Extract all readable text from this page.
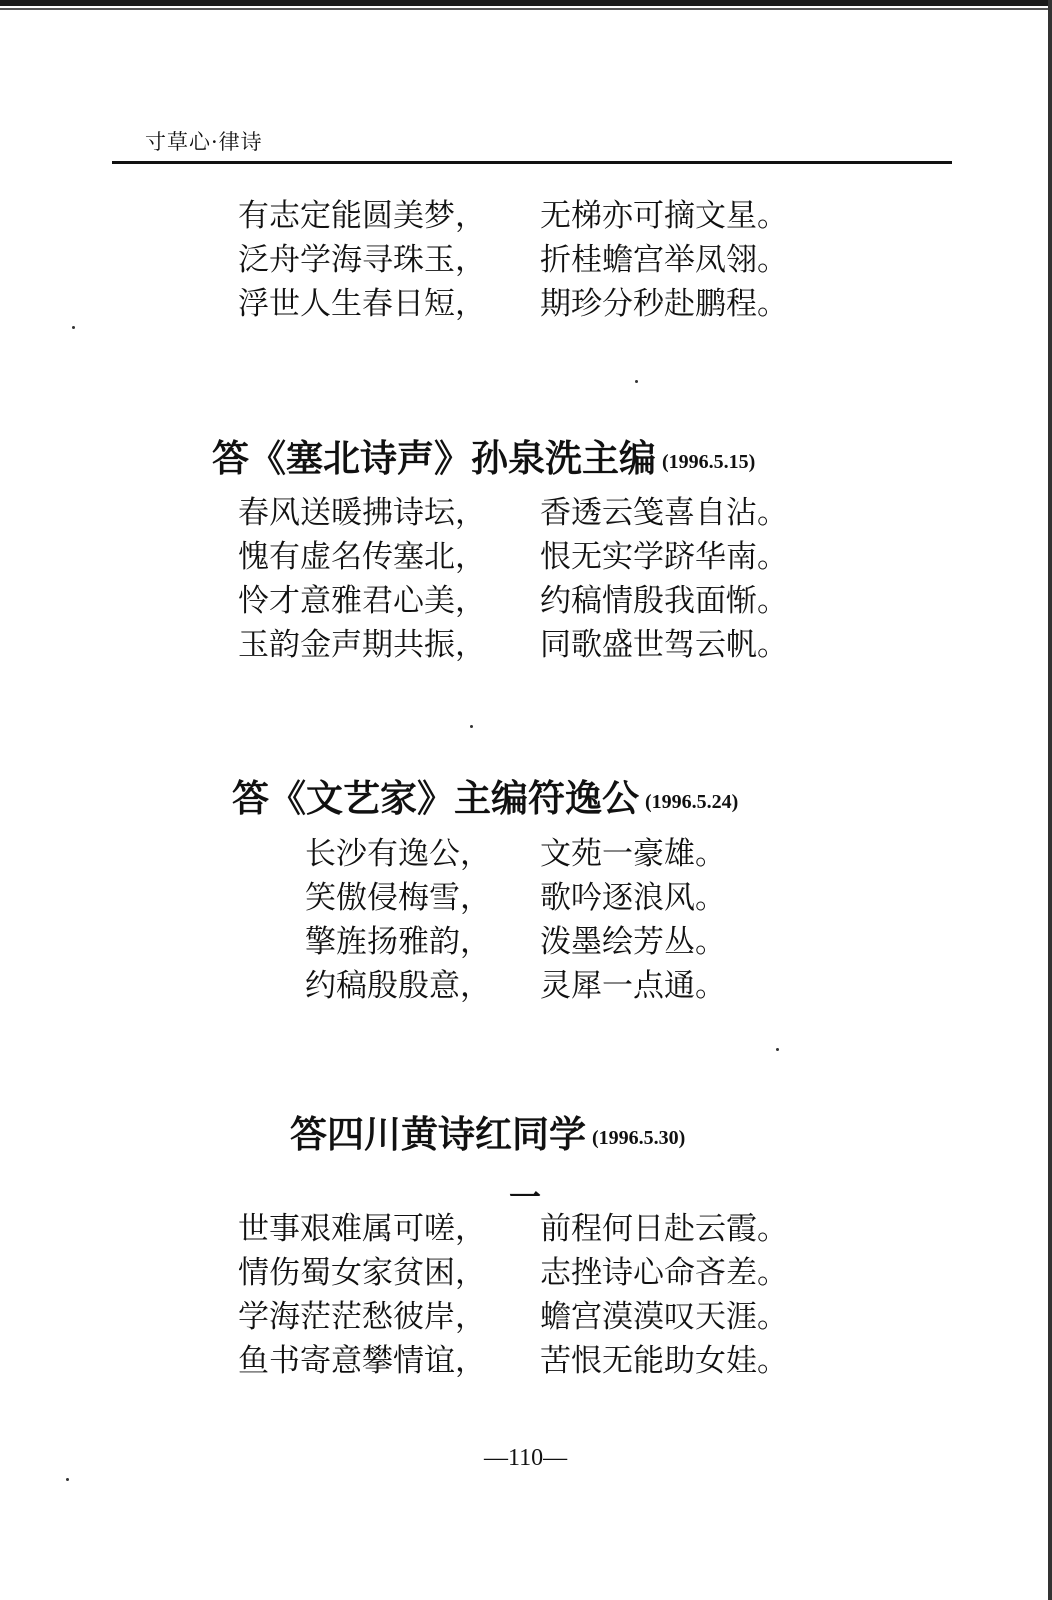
寸草心·律诗
有志定能圆美梦， 无梯亦可摘文星。
泛舟学海寻珠玉， 折桂蟾宫举凤翎。
浮世人生春日短， 期珍分秒赴鹏程。
答《塞北诗声》孙泉洗主编 (1996.5.15)
春风送暖拂诗坛， 香透云笺喜自沾。
愧有虚名传塞北， 恨无实学跻华南。
怜才意雅君心美， 约稿情殷我面惭。
玉韵金声期共振， 同歌盛世驾云帆。
答《文艺家》主编符逸公 (1996.5.24)
长沙有逸公， 文苑一豪雄。
笑傲侵梅雪， 歌吟逐浪风。
擎旌扬雅韵， 泼墨绘芳丛。
约稿殷殷意， 灵犀一点通。
答四川黄诗红同学 (1996.5.30)
一
世事艰难属可嗟， 前程何日赴云霞。
情伤蜀女家贫困， 志挫诗心命吝差。
学海茫茫愁彼岸， 蟾宫漠漠叹天涯。
鱼书寄意攀情谊， 苦恨无能助女娃。
—110—
